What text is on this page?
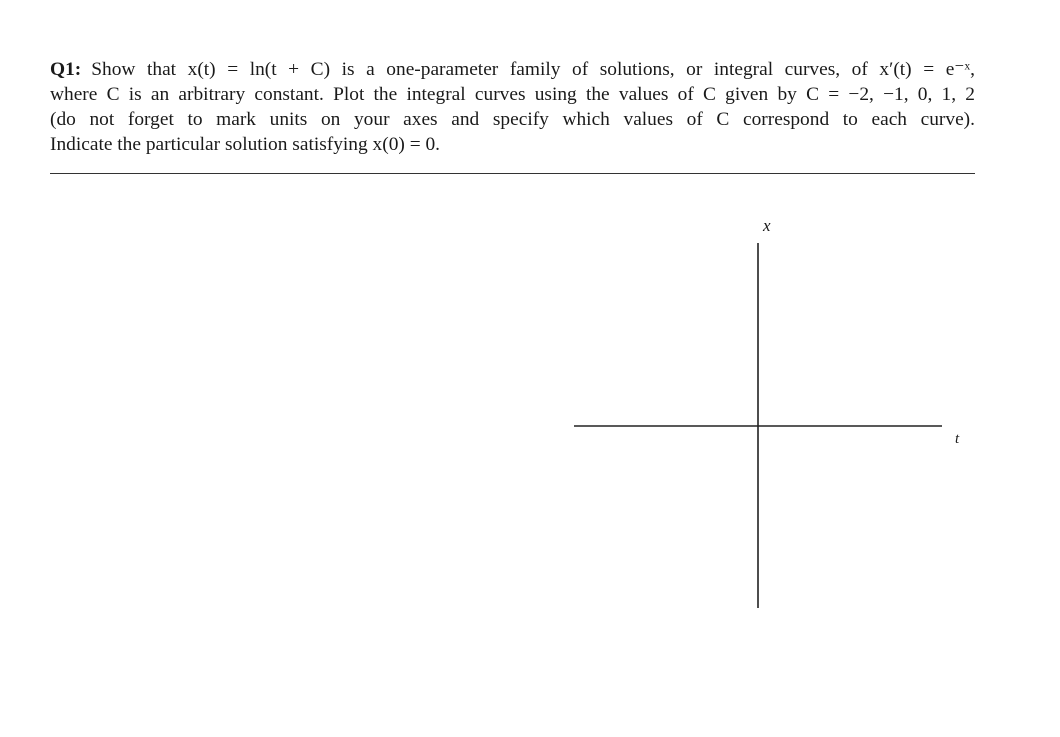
Q1: Show that x(t) = ln(t + C) is a one-parameter family of solutions, or integral curves, of x′(t) = e⁻ˣ,
where C is an arbitrary constant. Plot the integral curves using the values of C given by C = −2, −1, 0, 1, 2
(do not forget to mark units on your axes and specify which values of C correspond to each curve).
Indicate the particular solution satisfying x(0) = 0.
x
t
